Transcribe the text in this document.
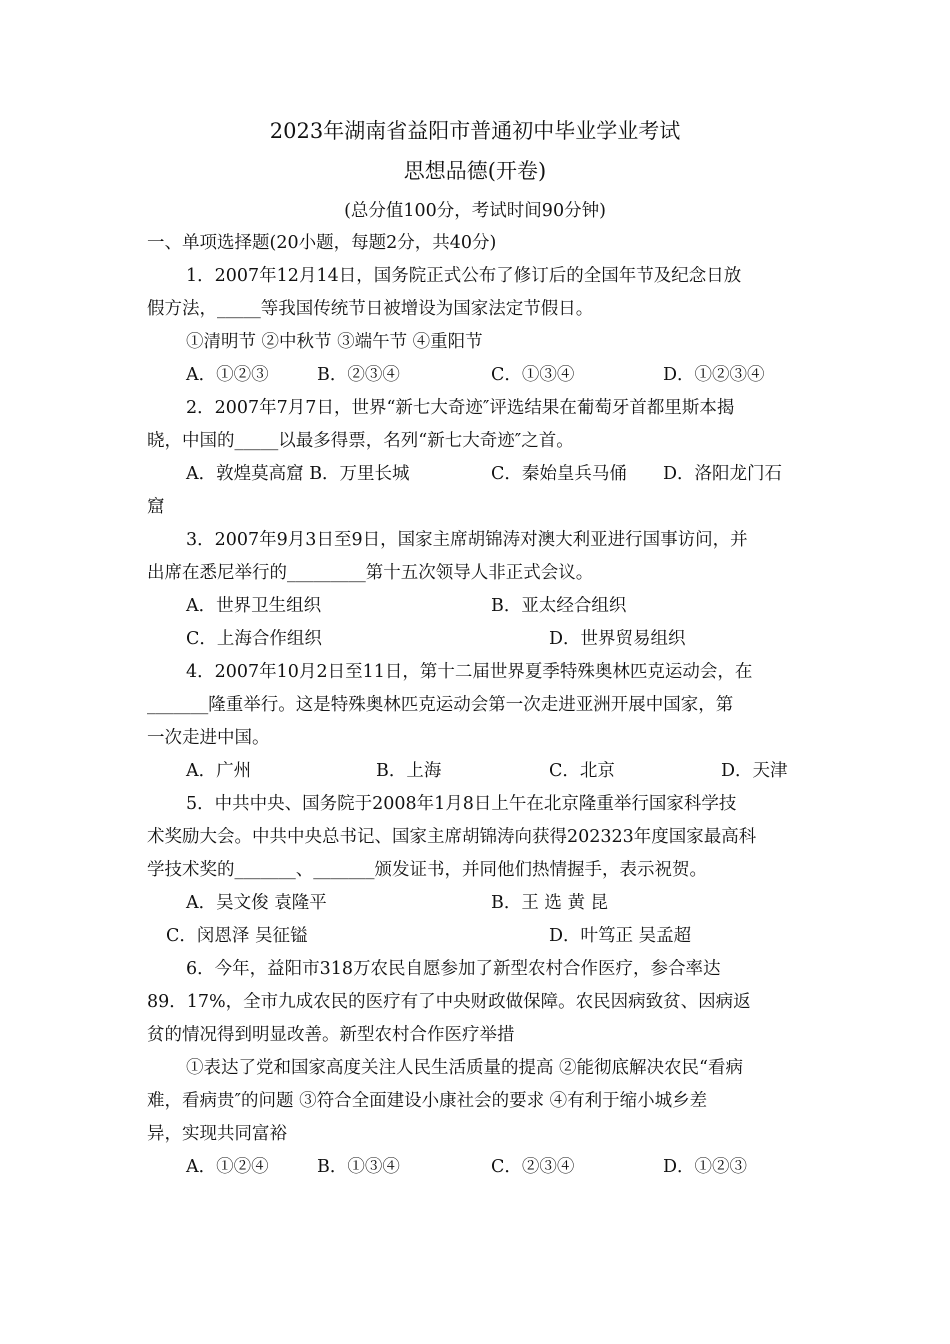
2023年湖南省益阳市普通初中毕业学业考试
思想品德(开卷)
(总分值100分，考试时间90分钟)
一、单项选择题(20小题，每题2分，共40分)
1．2007年12月14日，国务院正式公布了修订后的全国年节及纪念日放
假方法，_____等我国传统节日被增设为国家法定节假日。
①清明节 ②中秋节 ③端午节 ④重阳节
A．①②③	B．②③④	C．①③④	D．①②③④
2．2007年7月7日，世界“新七大奇迹″评选结果在葡萄牙首都里斯本揭
晓，中国的_____以最多得票，名列“新七大奇迹″之首。
A．敦煌莫高窟 B．万里长城	C．秦始皇兵马俑 D．洛阳龙门石
窟
3．2007年9月3日至9日，国家主席胡锦涛对澳大利亚进行国事访问，并
出席在悉尼举行的_________第十五次领导人非正式会议。
A．世界卫生组织	B．亚太经合组织
C．上海合作组织	D．世界贸易组织
4．2007年10月2日至11日，第十二届世界夏季特殊奥林匹克运动会，在
_______隆重举行。这是特殊奥林匹克运动会第一次走进亚洲开展中国家，第
一次走进中国。
A．广州	B．上海	C．北京	D．天津
5．中共中央、国务院于2008年1月8日上午在北京隆重举行国家科学技
术奖励大会。中共中央总书记、国家主席胡锦涛向获得202323年度国家最高科
学技术奖的_______、_______颁发证书，并同他们热情握手，表示祝贺。
A．吴文俊 袁隆平	B．王 选 黄 昆
C．闵恩泽 吴征镒	D．叶笃正 吴孟超
6．今年，益阳市318万农民自愿参加了新型农村合作医疗，参合率达
89．17%，全市九成农民的医疗有了中央财政做保障。农民因病致贫、因病返
贫的情况得到明显改善。新型农村合作医疗举措
①表达了党和国家高度关注人民生活质量的提高 ②能彻底解决农民“看病
难，看病贵″的问题 ③符合全面建设小康社会的要求 ④有利于缩小城乡差
异，实现共同富裕
A．①②④	B．①③④	C．②③④	D．①②③
